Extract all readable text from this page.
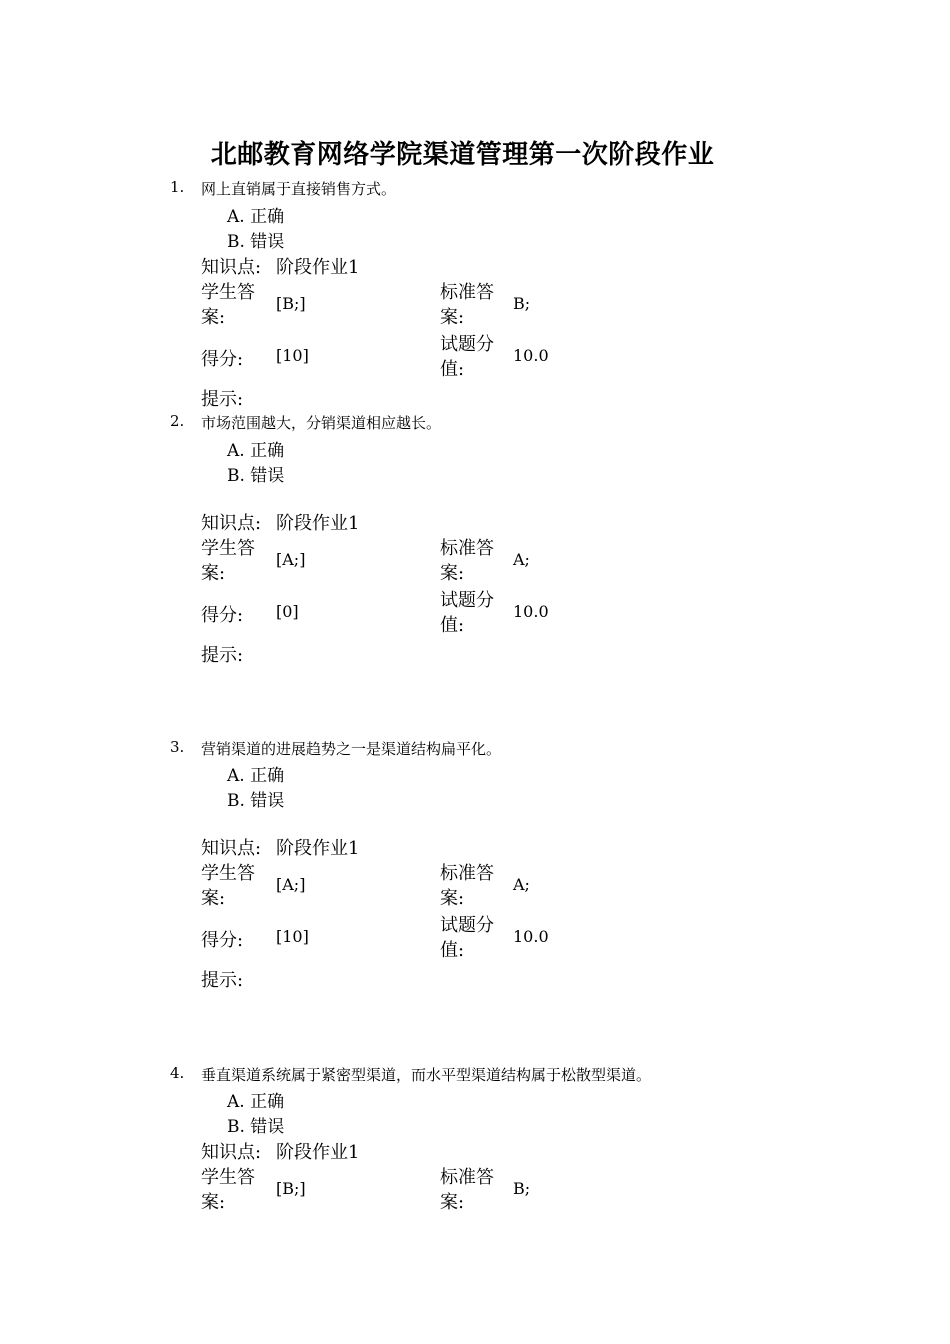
北邮教育网络学院渠道管理第一次阶段作业
1. 网上直销属于直接销售方式。
A. 正确
B. 错误
知识点: 阶段作业1
学生答案:
[B;]
标准答案:
B;
得分: [10]
试题分值:
10.0
提示:
2. 市场范围越大，分销渠道相应越长。
A. 正确
B. 错误
知识点: 阶段作业1
学生答案:
[A;]
标准答案:
A;
得分: [0]
试题分值:
10.0
提示:
3. 营销渠道的进展趋势之一是渠道结构扁平化。
A. 正确
B. 错误
知识点: 阶段作业1
学生答案:
[A;]
标准答案:
A;
得分: [10]
试题分值:
10.0
提示:
4. 垂直渠道系统属于紧密型渠道，而水平型渠道结构属于松散型渠道。
A. 正确
B. 错误
知识点: 阶段作业1
学生答案:
[B;]
标准答案:
B;
